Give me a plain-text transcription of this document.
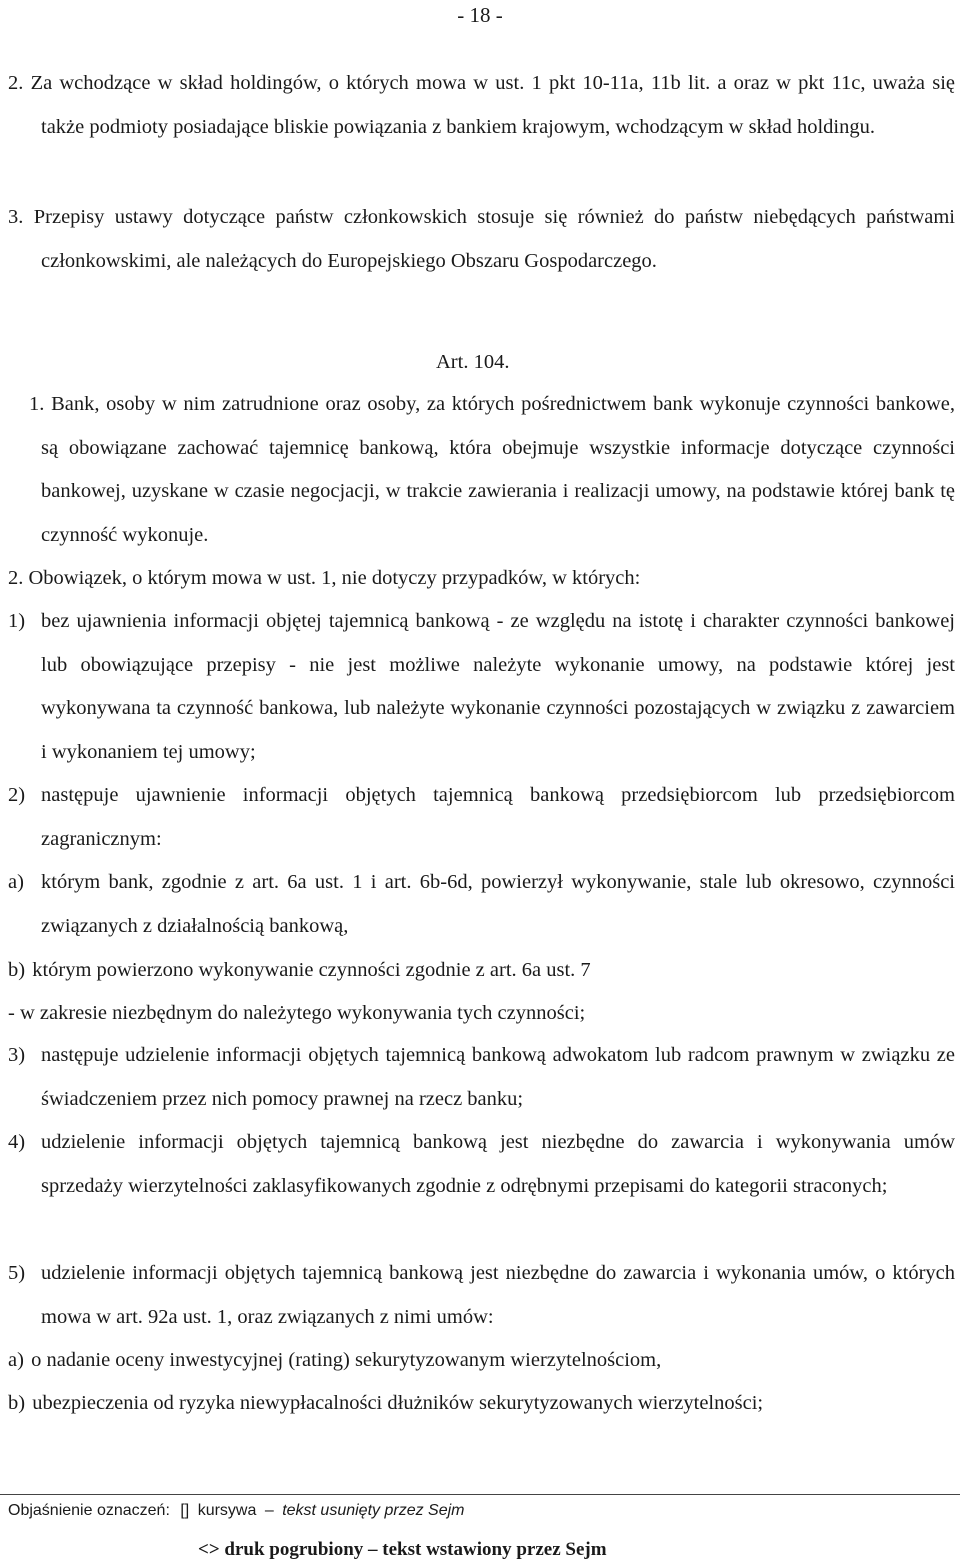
- 18 -
2. Za wchodzące w skład holdingów, o których mowa w ust. 1 pkt 10-11a, 11b lit. a oraz w pkt 11c, uważa się także podmioty posiadające bliskie powiązania z bankiem krajowym, wchodzącym w skład holdingu.
3. Przepisy ustawy dotyczące państw członkowskich stosuje się również do państw niebędących państwami członkowskimi, ale należących do Europejskiego Obszaru Gospodarczego.
Art. 104.
1. Bank, osoby w nim zatrudnione oraz osoby, za których pośrednictwem bank wykonuje czynności bankowe, są obowiązane zachować tajemnicę bankową, która obejmuje wszystkie informacje dotyczące czynności bankowej, uzyskane w czasie negocjacji, w trakcie zawierania i realizacji umowy, na podstawie której bank tę czynność wykonuje.
2. Obowiązek, o którym mowa w ust. 1, nie dotyczy przypadków, w których:
1) bez ujawnienia informacji objętej tajemnicą bankową - ze względu na istotę i charakter czynności bankowej lub obowiązujące przepisy - nie jest możliwe należyte wykonanie umowy, na podstawie której jest wykonywana ta czynność bankowa, lub należyte wykonanie czynności pozostających w związku z zawarciem i wykonaniem tej umowy;
2) następuje ujawnienie informacji objętych tajemnicą bankową przedsiębiorcom lub przedsiębiorcom zagranicznym:
a) którym bank, zgodnie z art. 6a ust. 1 i art. 6b-6d, powierzył wykonywanie, stale lub okresowo, czynności związanych z działalnością bankową,
b) którym powierzono wykonywanie czynności zgodnie z art. 6a ust. 7
- w zakresie niezbędnym do należytego wykonywania tych czynności;
3) następuje udzielenie informacji objętych tajemnicą bankową adwokatom lub radcom prawnym w związku ze świadczeniem przez nich pomocy prawnej na rzecz banku;
4) udzielenie informacji objętych tajemnicą bankową jest niezbędne do zawarcia i wykonywania umów sprzedaży wierzytelności zaklasyfikowanych zgodnie z odrębnymi przepisami do kategorii straconych;
5) udzielenie informacji objętych tajemnicą bankową jest niezbędne do zawarcia i wykonania umów, o których mowa w art. 92a ust. 1, oraz związanych z nimi umów:
a) o nadanie oceny inwestycyjnej (rating) sekurytyzowanym wierzytelnościom,
b) ubezpieczenia od ryzyka niewypłacalności dłużników sekurytyzowanych wierzytelności;
Objaśnienie oznaczeń: [] kursywa – tekst usunięty przez Sejm
<> druk pogrubiony – tekst wstawiony przez Sejm
